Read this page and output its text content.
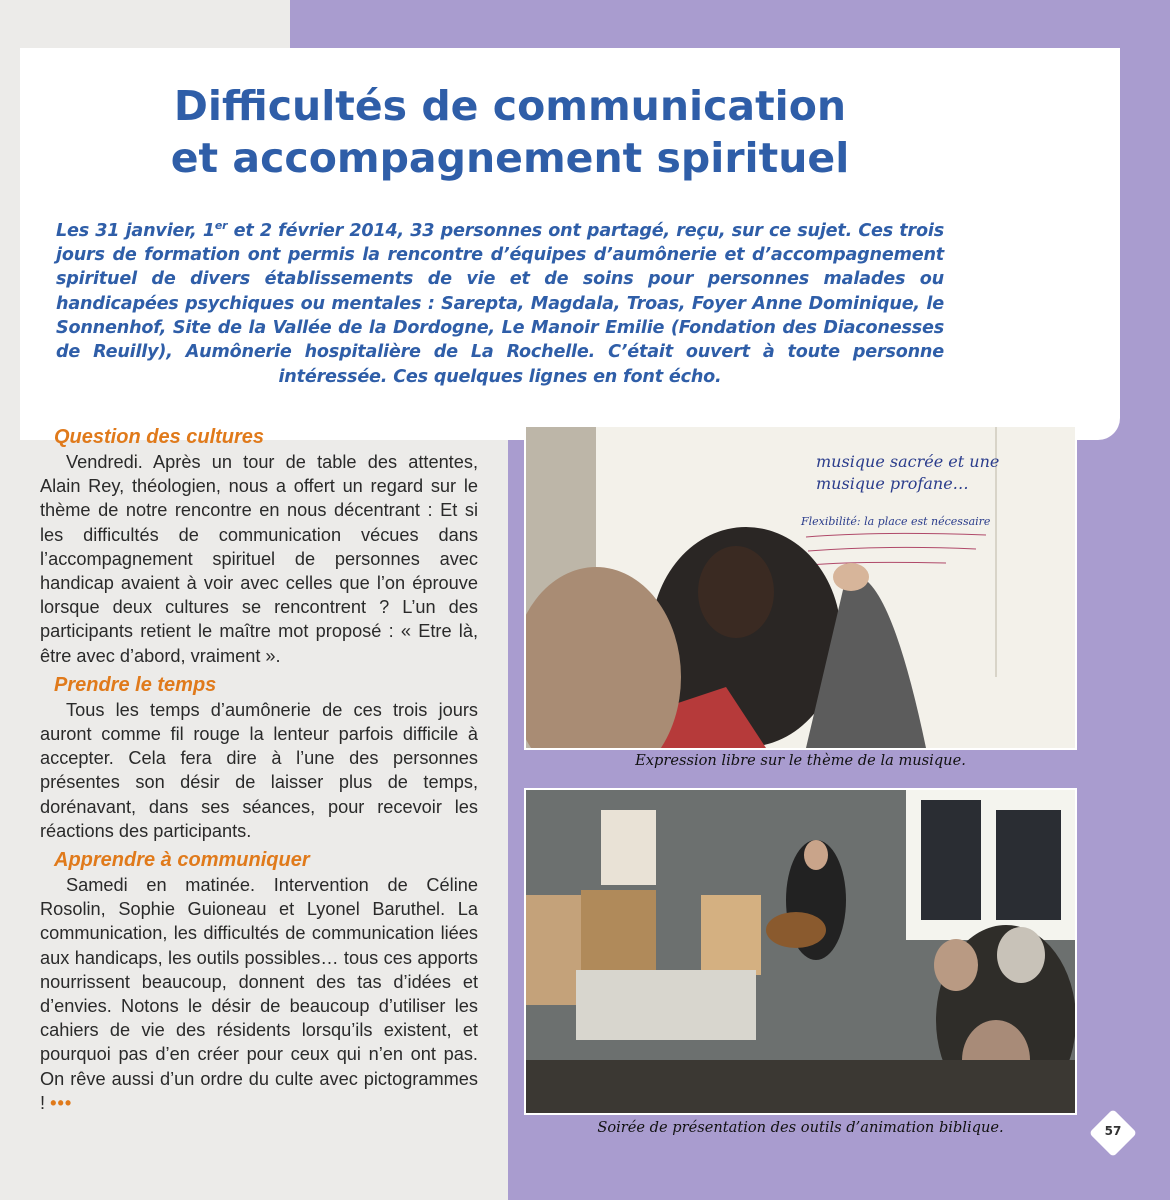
Difficultés de communication
et accompagnement spirituel

Les 31 janvier, 1er et 2 février 2014, 33 personnes ont partagé, reçu, sur ce sujet. Ces trois jours de formation ont permis la rencontre d’équipes d’aumônerie et d’accompagnement spirituel de divers établissements de vie et de soins pour personnes malades ou handicapées psychiques ou mentales : Sarepta, Magdala, Troas, Foyer Anne Dominique, le Sonnenhof, Site de la Vallée de la Dordogne, Le Manoir Emilie (Fondation des Diaconesses de Reuilly), Aumônerie hospitalière de La Rochelle. C’était ouvert à toute personne intéressée. Ces quelques lignes en font écho.

Question des cultures

Vendredi. Après un tour de table des attentes, Alain Rey, théologien, nous a offert un regard sur le thème de notre rencontre en nous décentrant : Et si les difficultés de communication vécues dans l’accompagnement spirituel de personnes avec handicap avaient à voir avec celles que l’on éprouve lorsque deux cultures se rencontrent ? L’un des participants retient le maître mot proposé : « Etre là, être avec d’abord, vraiment ».

Prendre le temps

Tous les temps d’aumônerie de ces trois jours auront comme fil rouge la lenteur parfois difficile à accepter. Cela fera dire à l’une des personnes présentes son désir de laisser plus de temps, dorénavant, dans ses séances, pour recevoir les réactions des participants.

Apprendre à communiquer

Samedi en matinée. Intervention de Céline Rosolin, Sophie Guioneau et Lyonel Baruthel. La communication, les difficultés de communication liées aux handicaps, les outils possibles… tous ces apports nourrissent beaucoup, donnent des tas d’idées et d’envies. Notons le désir de beaucoup d’utiliser les cahiers de vie des résidents lorsqu’ils existent, et pourquoi pas d’en créer pour ceux qui n’en ont pas. On rêve aussi d’un ordre du culte avec pictogrammes ! •••

musique sacrée et une
musique profane…
Flexibilité: la place est nécessaire
Expression libre sur le thème de la musique.
Soirée de présentation des outils d’animation biblique.	57
